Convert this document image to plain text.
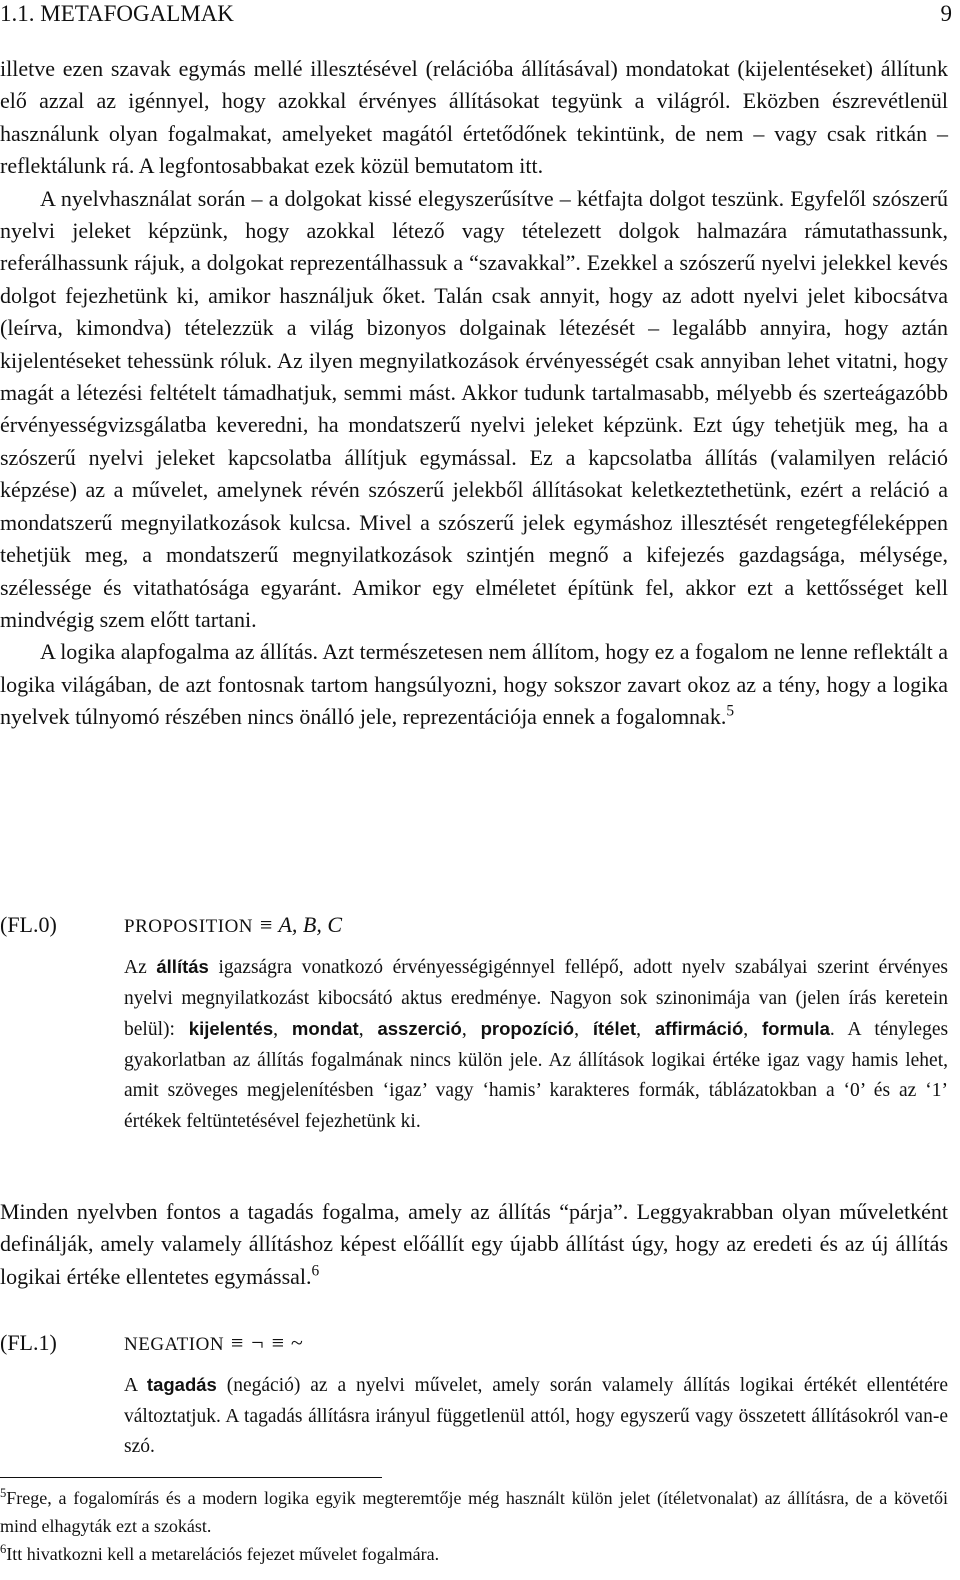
1.1. METAFOGALMAK	9

illetve ezen szavak egymás mellé illesztésével (relációba állításával) mondatokat (kijelentéseket) állítunk elő azzal az igénnyel, hogy azokkal érvényes állításokat tegyünk a világról. Eközben észrevétlenül használunk olyan fogalmakat, amelyeket magától értetődőnek tekintünk, de nem – vagy csak ritkán – reflektálunk rá. A legfontosabbakat ezek közül bemutatom itt.

A nyelvhasználat során – a dolgokat kissé elegyszerűsítve – kétfajta dolgot teszünk. Egyfelől szószerű nyelvi jeleket képzünk, hogy azokkal létező vagy tételezett dolgok halmazára rámutathassunk, referálhassunk rájuk, a dolgokat reprezentálhassuk a “szavakkal”. Ezekkel a szószerű nyelvi jelekkel kevés dolgot fejezhetünk ki, amikor használjuk őket. Talán csak annyit, hogy az adott nyelvi jelet kibocsátva (leírva, kimondva) tételezzük a világ bizonyos dolgainak létezését – legalább annyira, hogy aztán kijelentéseket tehessünk róluk. Az ilyen megnyilatkozások érvényességét csak annyiban lehet vitatni, hogy magát a létezési feltételt támadhatjuk, semmi mást. Akkor tudunk tartalmasabb, mélyebb és szerteágazóbb érvényességvizsgálatba keveredni, ha mondatszerű nyelvi jeleket képzünk. Ezt úgy tehetjük meg, ha a szószerű nyelvi jeleket kapcsolatba állítjuk egymással. Ez a kapcsolatba állítás (valamilyen reláció képzése) az a művelet, amelynek révén szószerű jelekből állításokat keletkeztethetünk, ezért a reláció a mondatszerű megnyilatkozások kulcsa. Mivel a szószerű jelek egymáshoz illesztését rengetegféleképpen tehetjük meg, a mondatszerű megnyilatkozások szintjén megnő a kifejezés gazdagsága, mélysége, szélessége és vitathatósága egyaránt. Amikor egy elméletet építünk fel, akkor ezt a kettősséget kell mindvégig szem előtt tartani.

A logika alapfogalma az állítás. Azt természetesen nem állítom, hogy ez a fogalom ne lenne reflektált a logika világában, de azt fontosnak tartom hangsúlyozni, hogy sokszor zavart okoz az a tény, hogy a logika nyelvek túlnyomó részében nincs önálló jele, reprezentációja ennek a fogalomnak.$^5$

(FL.0)	PROPOSITION ≡ A, B, C

Az állítás igazságra vonatkozó érvényességigénnyel fellépő, adott nyelv szabályai szerint érvényes nyelvi megnyilatkozást kibocsátó aktus eredménye. Nagyon sok szinonimája van (jelen írás keretein belül): kijelentés, mondat, asszerció, propozíció, ítélet, affirmáció, formula. A tényleges gyakorlatban az állítás fogalmának nincs külön jele. Az állítások logikai értéke igaz vagy hamis lehet, amit szöveges megjelenítésben ‘igaz’ vagy ‘hamis’ karakteres formák, táblázatokban a ‘0’ és az ‘1’ értékek feltüntetésével fejezhetünk ki.

Minden nyelvben fontos a tagadás fogalma, amely az állítás “párja”. Leggyakrabban olyan műveletként definálják, amely valamely állításhoz képest előállít egy újabb állítást úgy, hogy az eredeti és az új állítás logikai értéke ellentetes egymással.$^6$

(FL.1)	NEGATION ≡ ¬ ≡ ~

A tagadás (negáció) az a nyelvi művelet, amely során valamely állítás logikai értékét ellentétére változtatjuk. A tagadás állításra irányul függetlenül attól, hogy egyszerű vagy összetett állításokról van-e szó.

$^5$Frege, a fogalomírás és a modern logika egyik megteremtője még használt külön jelet (ítéletvonalat) az állításra, de a követői mind elhagyták ezt a szokást.

$^6$Itt hivatkozni kell a metarelációs fejezet művelet fogalmára.
